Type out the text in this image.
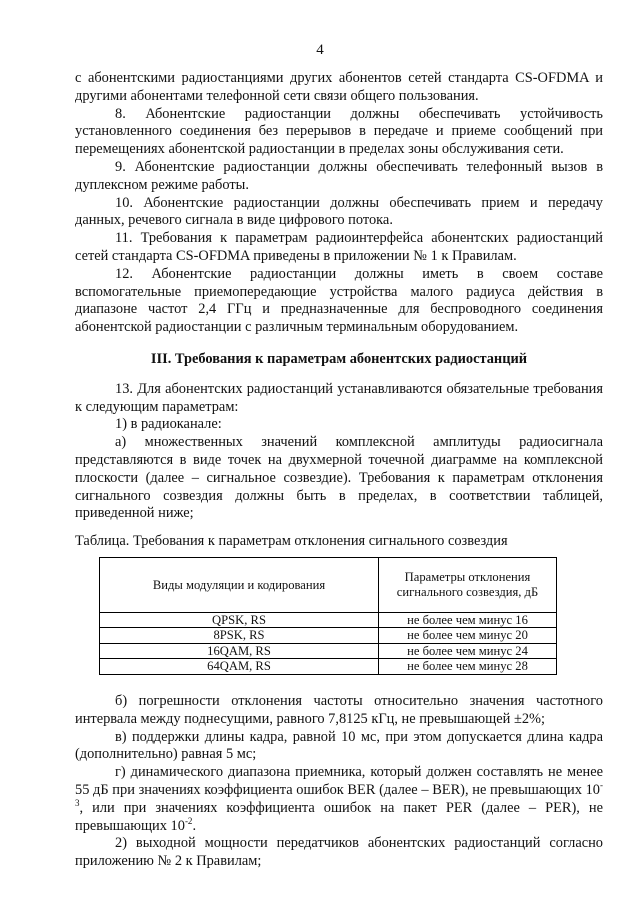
4

с абонентскими радиостанциями других абонентов сетей стандарта CS-OFDMA и другими абонентами телефонной сети связи общего пользования.

8. Абонентские радиостанции должны обеспечивать устойчивость установленного соединения без перерывов в передаче и приеме сообщений при перемещениях абонентской радиостанции в пределах зоны обслуживания сети.

9. Абонентские радиостанции должны обеспечивать телефонный вызов в дуплексном режиме работы.

10. Абонентские радиостанции должны обеспечивать прием и передачу данных, речевого сигнала в виде цифрового потока.

11. Требования к параметрам радиоинтерфейса абонентских радиостанций сетей стандарта CS-OFDMA приведены в приложении № 1 к Правилам.

12. Абонентские радиостанции должны иметь в своем составе вспомогательные приемопередающие устройства малого радиуса действия в диапазоне частот 2,4 ГГц и предназначенные для беспроводного соединения абонентской радиостанции с различным терминальным оборудованием.

III. Требования к параметрам абонентских радиостанций

13. Для абонентских радиостанций устанавливаются обязательные требования к следующим параметрам:

1) в радиоканале:

а) множественных значений комплексной амплитуды радиосигнала представляются в виде точек на двухмерной точечной диаграмме на комплексной плоскости (далее – сигнальное созвездие). Требования к параметрам отклонения сигнального созвездия должны быть в пределах, в соответствии таблицей, приведенной ниже;

Таблица. Требования к параметрам отклонения сигнального созвездия

Виды модуляции и кодирования	Параметры отклонения сигнального созвездия, дБ
QPSK, RS	не более чем минус 16
8PSK, RS	не более чем минус 20
16QAM, RS	не более чем минус 24
64QAM, RS	не более чем минус 28

б) погрешности отклонения частоты относительно значения частотного интервала между поднесущими, равного 7,8125 кГц, не превышающей ±2%;

в) поддержки длины кадра, равной 10 мс, при этом допускается длина кадра (дополнительно) равная 5 мс;

г) динамического диапазона приемника, который должен составлять не менее 55 дБ при значениях коэффициента ошибок BER (далее – BER), не превышающих $10^{-3}$, или при значениях коэффициента ошибок на пакет PER (далее – PER), не превышающих $10^{-2}$.

2) выходной мощности передатчиков абонентских радиостанций согласно приложению № 2 к Правилам;
